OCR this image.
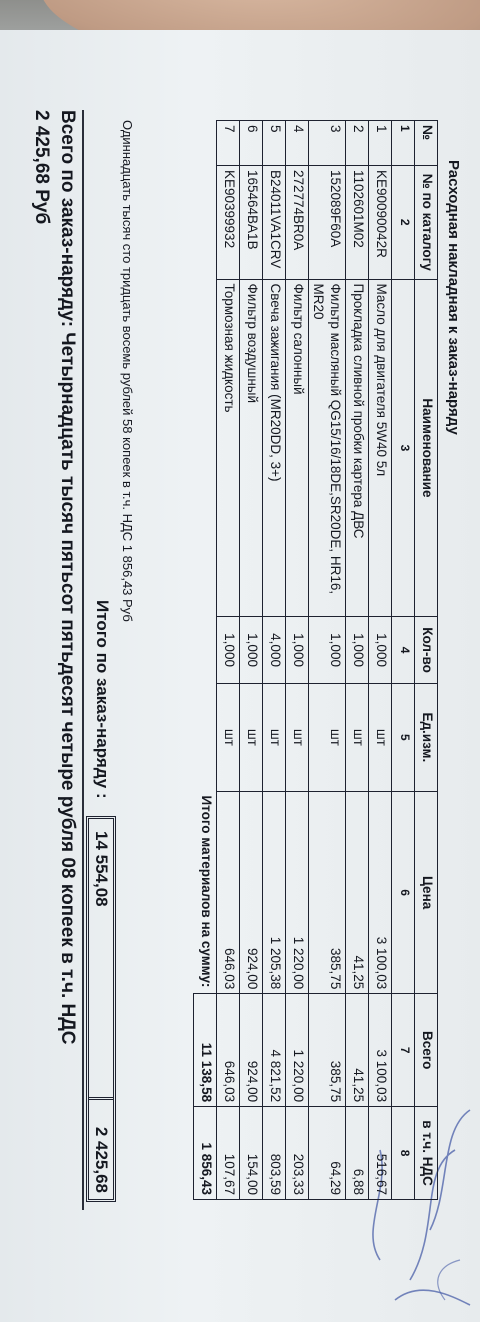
Расходная накладная к заказ-наряду
№	№ по каталогу	Наименование	Кол-во	Ед.изм.	Цена	Всего	в т.ч. НДС
1	2	3	4	5	6	7	8
1	KE90090042R	Масло для двигателя 5W40 5л	1,000	шт	3 100,03	3 100,03	516,67
2	1102601M02	Прокладка сливной пробки картера ДВС	1,000	шт	41,25	41,25	6,88
3	152089F60A	Фильтр масляный QG15/16/18DE,SR20DE, HR16, MR20	1,000	шт	385,75	385,75	64,29
4	272774BR0A	Фильтр салонный	1,000	шт	1 220,00	1 220,00	203,33
5	B24011VA1CRV	Свеча зажигания (MR20DD, 3+)	4,000	шт	1 205,38	4 821,52	803,59
6	165464BA1B	Фильтр воздушный	1,000	шт	924,00	924,00	154,00
7	KE90399932	Тормозная жидкость	1,000	шт	646,03	646,03	107,67
					Итого материалов на сумму:	11 138,58	1 856,43
Одиннадцать тысяч сто тридцать восемь рублей 58 копеек в т.ч. НДС 1 856,43 Руб
Итого по заказ-наряду :
14 554,08
2 425,68
Всего по заказ-наряду: Четырнадцать тысяч пятьсот пятьдесят четыре рубля 08 копеек в т.ч. НДС
2 425,68 Руб
